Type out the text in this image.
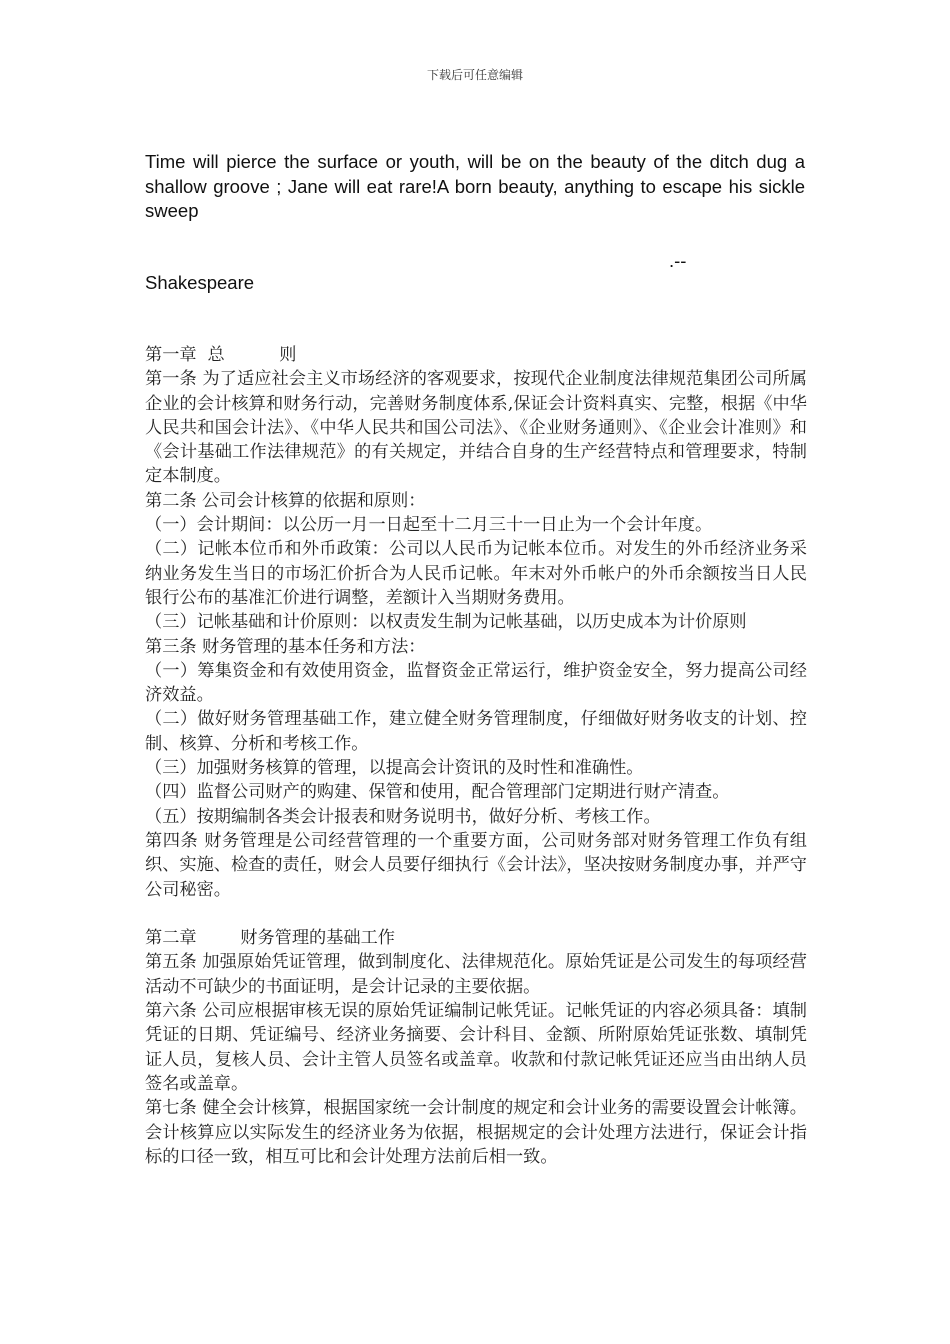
下载后可任意编辑
Time will pierce the surface or youth, will be on the beauty of the ditch dug a shallow groove ; Jane will eat rare!A born beauty, anything to escape his sickle sweep
.--
Shakespeare

第一章  总          则

第一条 为了适应社会主义市场经济的客观要求，按现代企业制度法律规范集团公司所属企业的会计核算和财务行动，完善财务制度体系,保证会计资料真实、完整，根据《中华人民共和国会计法》、《中华人民共和国公司法》、《企业财务通则》、《企业会计准则》和《会计基础工作法律规范》的有关规定，并结合自身的生产经营特点和管理要求，特制定本制度。

第二条 公司会计核算的依据和原则：

（一）会计期间：以公历一月一日起至十二月三十一日止为一个会计年度。

（二）记帐本位币和外币政策：公司以人民币为记帐本位币。对发生的外币经济业务采纳业务发生当日的市场汇价折合为人民币记帐。年末对外币帐户的外币余额按当日人民银行公布的基准汇价进行调整，差额计入当期财务费用。

（三）记帐基础和计价原则：以权责发生制为记帐基础，以历史成本为计价原则

第三条 财务管理的基本任务和方法：

（一）筹集资金和有效使用资金，监督资金正常运行，维护资金安全，努力提高公司经济效益。

（二）做好财务管理基础工作，建立健全财务管理制度，仔细做好财务收支的计划、控制、核算、分析和考核工作。

（三）加强财务核算的管理，以提高会计资讯的及时性和准确性。

（四）监督公司财产的购建、保管和使用，配合管理部门定期进行财产清查。

（五）按期编制各类会计报表和财务说明书，做好分析、考核工作。

第四条 财务管理是公司经营管理的一个重要方面，公司财务部对财务管理工作负有组织、实施、检查的责任，财会人员要仔细执行《会计法》，坚决按财务制度办事，并严守公司秘密。

第二章        财务管理的基础工作

第五条 加强原始凭证管理，做到制度化、法律规范化。原始凭证是公司发生的每项经营活动不可缺少的书面证明，是会计记录的主要依据。

第六条 公司应根据审核无误的原始凭证编制记帐凭证。记帐凭证的内容必须具备：填制凭证的日期、凭证编号、经济业务摘要、会计科目、金额、所附原始凭证张数、填制凭证人员，复核人员、会计主管人员签名或盖章。收款和付款记帐凭证还应当由出纳人员签名或盖章。

第七条 健全会计核算，根据国家统一会计制度的规定和会计业务的需要设置会计帐簿。会计核算应以实际发生的经济业务为依据，根据规定的会计处理方法进行，保证会计指标的口径一致，相互可比和会计处理方法前后相一致。
